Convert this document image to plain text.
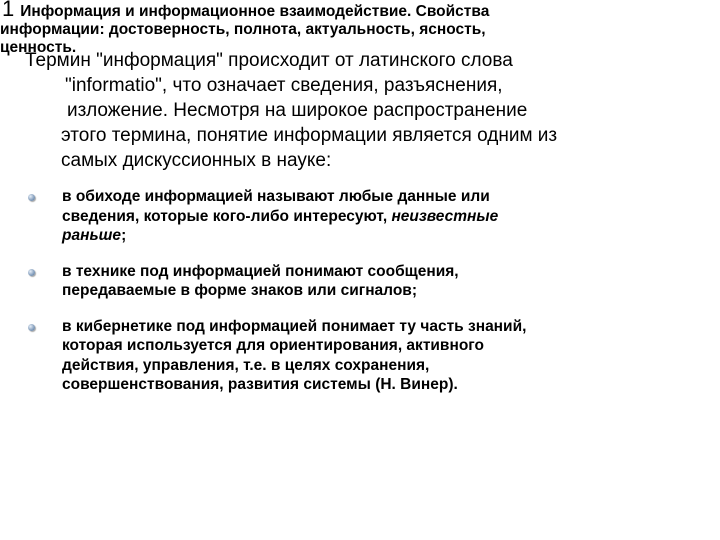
1 Информация и информационное взаимодействие. Свойства
информации: достоверность, полнота, актуальность, ясность,
ценность.
Термин "информация" происходит от латинского слова
"informatio", что означает сведения, разъяснения,
изложение. Несмотря на широкое распространение
этого термина, понятие информации является одним из
самых дискуссионных в науке:
в обиходе информацией называют любые данные или
сведения, которые кого-либо интересуют, неизвестные
раньше;
в технике под информацией понимают сообщения,
передаваемые в форме знаков или сигналов;
в кибернетике под информацией понимает ту часть знаний,
которая используется для ориентирования, активного
действия, управления, т.е. в целях сохранения,
совершенствования, развития системы (Н. Винер).
